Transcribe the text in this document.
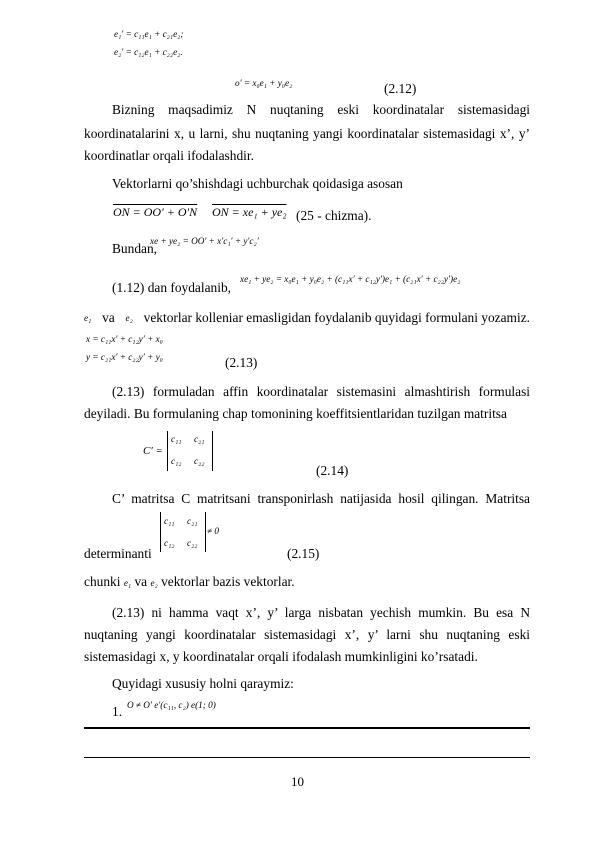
e₁′ = c₁₁e₁ + c₂₁e₂;
e₂′ = c₁₂e₁ + c₂₂e₂.
o′ = x₀e₁ + y₀e₂	(2.12)
Bizning maqsadimiz N nuqtaning eski koordinatalar sistemasidagi
koordinatalarini x, u larni, shu nuqtaning yangi koordinatalar sistemasidagi x’, y’
koordinatlar orqali ifodalashdir.
Vektorlarni qo’shishdagi uchburchak qoidasiga asosan
ON = OO′ + O′N ON = xe₁ + ye₂ (25 - chizma).
Bundan,
xe + ye₂ = OO′ + x′c₁′ + y′c₂′
(1.12) dan foydalanib,
xe₁ + ye₂ = x₀e₁ + y₀e₂ + (c₁₁x′ + c₁₂y′)e₁ + (c₂₁x′ + c₂₂y′)e₂
e₁ va e₂ vektorlar kolleniar emasligidan foydalanib quyidagi formulani yozamiz.
x = c₁₁x′ + c₁₂y′ + x₀
y = c₂₁x′ + c₂₂y′ + y₀	(2.13)
(2.13) formuladan affin koordinatalar sistemasini almashtirish formulasi
deyiladi. Bu formulaning chap tomonining koeffitsientlaridan tuzilgan matritsa
C′ =
c₁₁ c₂₁
c₁₂ c₂₂
(2.14)
C’ matritsa C matritsani transponirlash natijasida hosil qilingan. Matritsa
determinanti
c₁₁ c₂₁
c₁₂ c₂₂
≠ 0
(2.15)
chunki e₁ va e₂ vektorlar bazis vektorlar.
(2.13) ni hamma vaqt x’, y’ larga nisbatan yechish mumkin. Bu esa N
nuqtaning yangi koordinatalar sistemasidagi x’, y’ larni shu nuqtaning eski
sistemasidagi x, y koordinatalar orqali ifodalash mumkinligini ko’rsatadi.
Quyidagi xususiy holni qaraymiz:
1. O ≠ O′ e′(c₁₁, c₂) e(1; 0)
10
